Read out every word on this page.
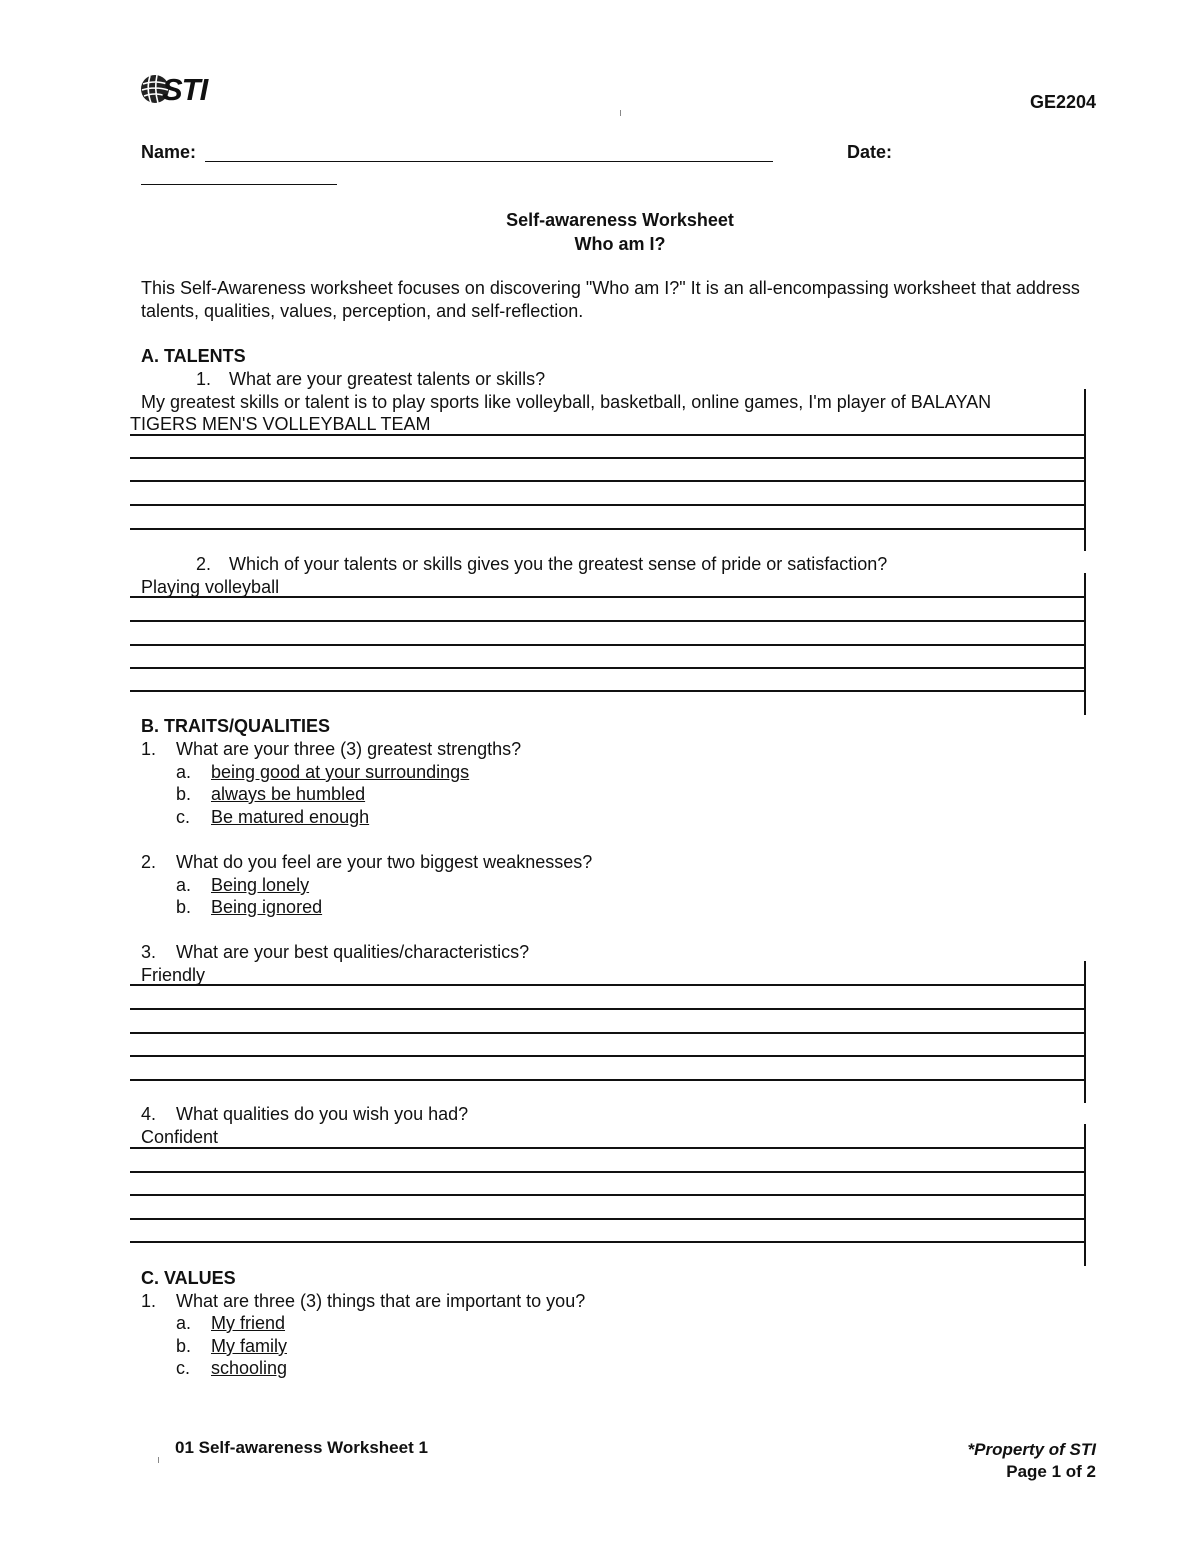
STI	GE2204
Name:	Date:
Self-awareness Worksheet
Who am I?
This Self-Awareness worksheet focuses on discovering "Who am I?" It is an all-encompassing worksheet that address talents, qualities, values, perception, and self-reflection.
A. TALENTS
1. What are your greatest talents or skills?
My greatest skills or talent is to play sports like volleyball, basketball, online games, I'm player of BALAYAN
TIGERS MEN'S VOLLEYBALL TEAM
2. Which of your talents or skills gives you the greatest sense of pride or satisfaction?
Playing volleyball
B. TRAITS/QUALITIES
1. What are your three (3) greatest strengths?
a. being good at your surroundings
b. always be humbled
c. Be matured enough
2. What do you feel are your two biggest weaknesses?
a. Being lonely
b. Being ignored
3. What are your best qualities/characteristics?
Friendly
4. What qualities do you wish you had?
Confident
C. VALUES
1. What are three (3) things that are important to you?
a. My friend
b. My family
c. schooling
01 Self-awareness Worksheet 1	*Property of STI
Page 1 of 2
